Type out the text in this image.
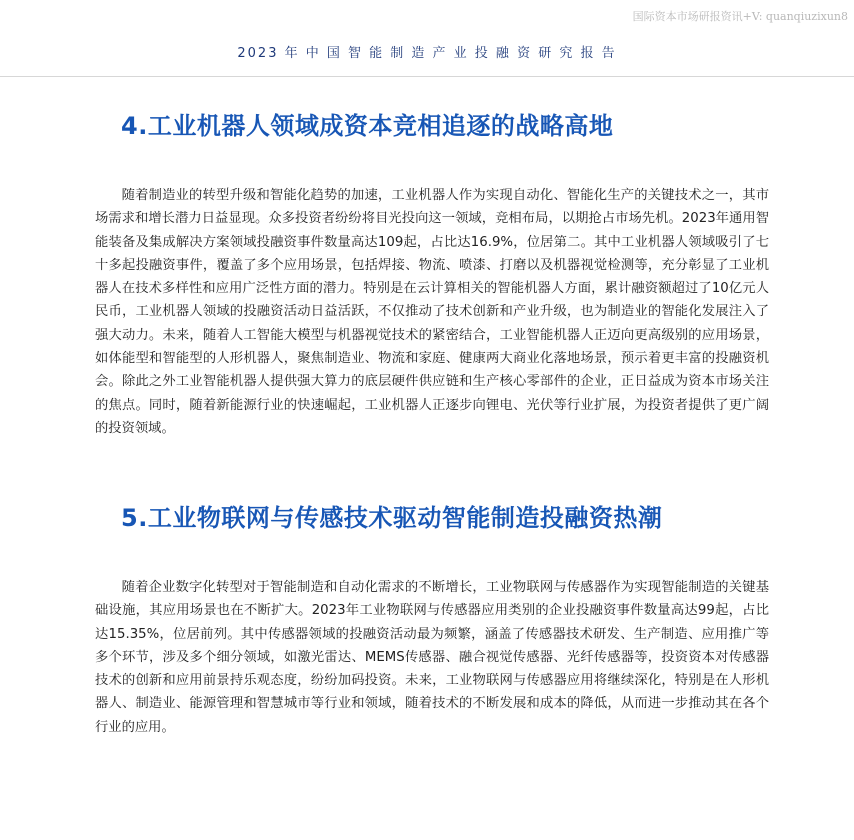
国际资本市场研报资讯+V: quanqiuzixun8
2023 年 中 国 智 能 制 造 产 业 投 融 资 研 究 报 告
4.工业机器人领域成资本竞相追逐的战略高地

随着制造业的转型升级和智能化趋势的加速，工业机器人作为实现自动化、智能化生产的关键技术之一，其市场需求和增长潜力日益显现。众多投资者纷纷将目光投向这一领域，竞相布局，以期抢占市场先机。2023年通用智能装备及集成解决方案领域投融资事件数量高达109起，占比达16.9%，位居第二。其中工业机器人领域吸引了七十多起投融资事件，覆盖了多个应用场景，包括焊接、物流、喷漆、打磨以及机器视觉检测等，充分彰显了工业机器人在技术多样性和应用广泛性方面的潜力。特别是在云计算相关的智能机器人方面，累计融资额超过了10亿元人民币，工业机器人领域的投融资活动日益活跃，不仅推动了技术创新和产业升级，也为制造业的智能化发展注入了强大动力。未来，随着人工智能大模型与机器视觉技术的紧密结合，工业智能机器人正迈向更高级别的应用场景，如体能型和智能型的人形机器人，聚焦制造业、物流和家庭、健康两大商业化落地场景，预示着更丰富的投融资机会。除此之外工业智能机器人提供强大算力的底层硬件供应链和生产核心零部件的企业，正日益成为资本市场关注的焦点。同时，随着新能源行业的快速崛起，工业机器人正逐步向锂电、光伏等行业扩展，为投资者提供了更广阔的投资领域。

5.工业物联网与传感技术驱动智能制造投融资热潮

随着企业数字化转型对于智能制造和自动化需求的不断增长，工业物联网与传感器作为实现智能制造的关键基础设施，其应用场景也在不断扩大。2023年工业物联网与传感器应用类别的企业投融资事件数量高达99起，占比达15.35%，位居前列。其中传感器领域的投融资活动最为频繁，涵盖了传感器技术研发、生产制造、应用推广等多个环节，涉及多个细分领域，如激光雷达、MEMS传感器、融合视觉传感器、光纤传感器等，投资资本对传感器技术的创新和应用前景持乐观态度，纷纷加码投资。未来，工业物联网与传感器应用将继续深化，特别是在人形机器人、制造业、能源管理和智慧城市等行业和领域，随着技术的不断发展和成本的降低，从而进一步推动其在各个行业的应用。
